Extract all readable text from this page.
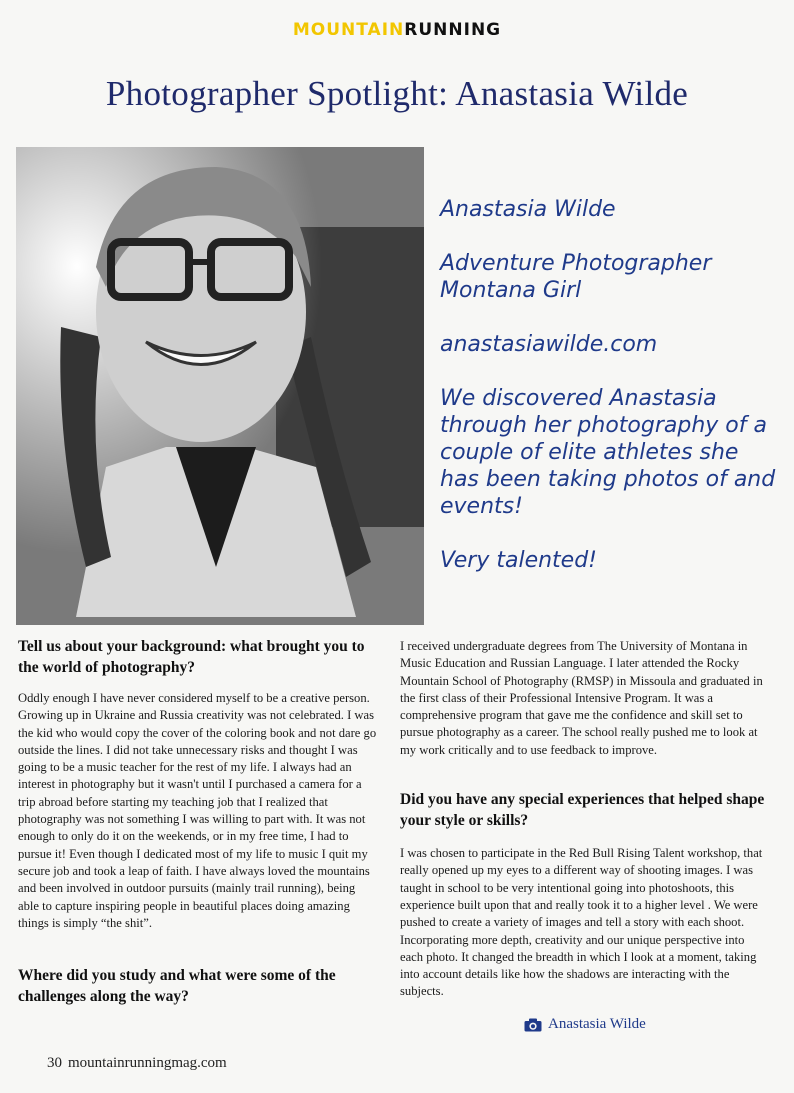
MOUNTAINRUNNING
Photographer Spotlight: Anastasia Wilde
Anastasia Wilde
Adventure Photographer
Montana Girl
anastasiawilde.com
We discovered Anastasia through her photography of a couple of elite athletes she has been taking photos of and events!
Very talented!
Tell us about your background: what brought you to the world of photography?

Oddly enough I have never considered myself to be a creative person. Growing up in Ukraine and Russia creativity was not celebrated. I was the kid who would copy the cover of the coloring book and not dare go outside the lines. I did not take unnecessary risks and thought I was going to be a music teacher for the rest of my life. I always had an interest in photography but it wasn't until I purchased a camera for a trip abroad before starting my teaching job that I realized that photography was not something I was willing to part with. It was not enough to only do it on the weekends, or in my free time, I had to pursue it! Even though I dedicated most of my life to music I quit my secure job and took a leap of faith. I have always loved the mountains and been involved in outdoor pursuits (mainly trail running), being able to capture inspiring people in beautiful places doing amazing things is simply “the shit”.

Where did you study and what were some of the challenges along the way?

I received undergraduate degrees from The University of Montana in Music Education and Russian Language. I later attended the Rocky Mountain School of Photography (RMSP) in Missoula and graduated in the first class of their Professional Intensive Program. It was a comprehensive program that gave me the confidence and skill set to pursue photography as a career. The school really pushed me to look at my work critically and to use feedback to improve.

Did you have any special experiences that helped shape your style or skills?

I was chosen to participate in the Red Bull Rising Talent workshop, that really opened up my eyes to a different way of shooting images. I was taught in school to be very intentional going into photoshoots, this experience built upon that and really took it to a higher level . We were pushed to create a variety of images and tell a story with each shoot. Incorporating more depth, creativity and our unique perspective into each photo. It changed the breadth in which I look at a moment, taking into account details like how the shadows are interacting with the subjects.

Anastasia Wilde
30 mountainrunningmag.com
